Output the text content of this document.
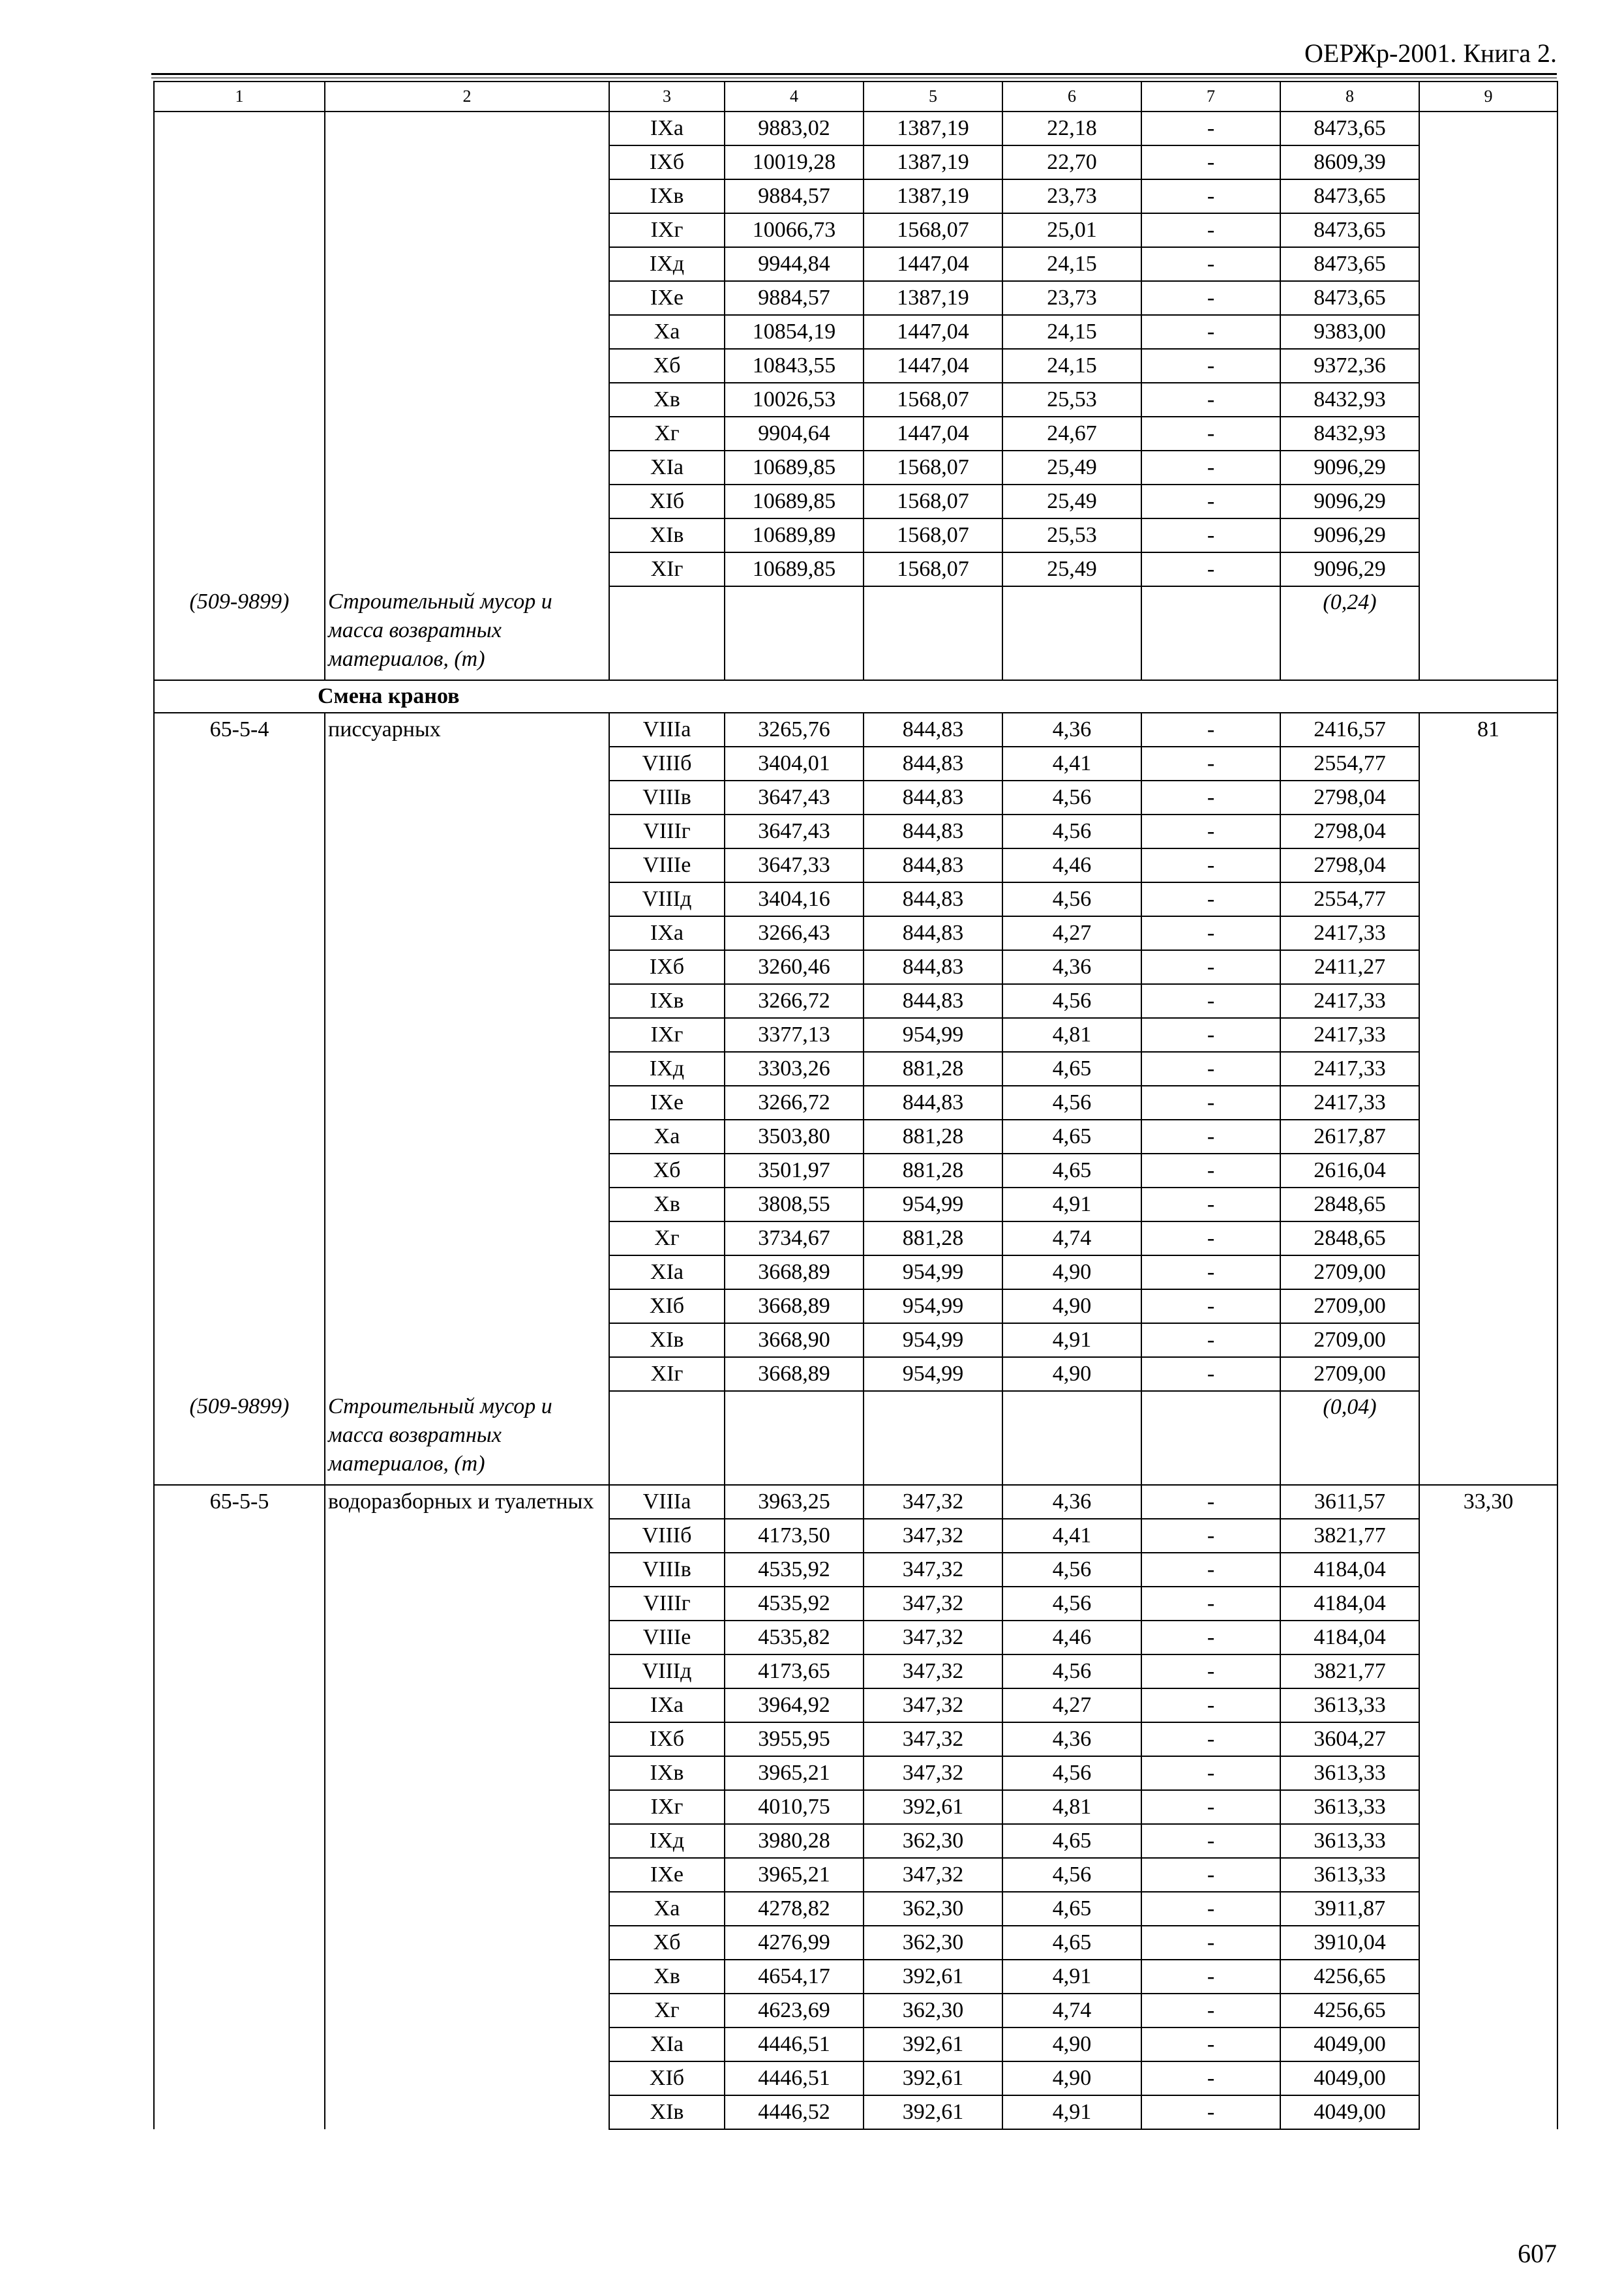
ОЕРЖр-2001. Книга 2.
1	2	3	4	5	6	7	8	9
		IXа	9883,02	1387,19	22,18	-	8473,65	
		IXб	10019,28	1387,19	22,70	-	8609,39	
		IXв	9884,57	1387,19	23,73	-	8473,65	
		IXг	10066,73	1568,07	25,01	-	8473,65	
		IXд	9944,84	1447,04	24,15	-	8473,65	
		IXе	9884,57	1387,19	23,73	-	8473,65	
		Xа	10854,19	1447,04	24,15	-	9383,00	
		Xб	10843,55	1447,04	24,15	-	9372,36	
		Xв	10026,53	1568,07	25,53	-	8432,93	
		Xг	9904,64	1447,04	24,67	-	8432,93	
		XIа	10689,85	1568,07	25,49	-	9096,29	
		XIб	10689,85	1568,07	25,49	-	9096,29	
		XIв	10689,89	1568,07	25,53	-	9096,29	
		XIг	10689,85	1568,07	25,49	-	9096,29	
(509-9899)	Строительный мусор и масса возвратных материалов, (т)						(0,24)	
Смена кранов								
65-5-4	писсуарных	VIIIа	3265,76	844,83	4,36	-	2416,57	81
		VIIIб	3404,01	844,83	4,41	-	2554,77	
		VIIIв	3647,43	844,83	4,56	-	2798,04	
		VIIIг	3647,43	844,83	4,56	-	2798,04	
		VIIIе	3647,33	844,83	4,46	-	2798,04	
		VIIIд	3404,16	844,83	4,56	-	2554,77	
		IXа	3266,43	844,83	4,27	-	2417,33	
		IXб	3260,46	844,83	4,36	-	2411,27	
		IXв	3266,72	844,83	4,56	-	2417,33	
		IXг	3377,13	954,99	4,81	-	2417,33	
		IXд	3303,26	881,28	4,65	-	2417,33	
		IXе	3266,72	844,83	4,56	-	2417,33	
		Xа	3503,80	881,28	4,65	-	2617,87	
		Xб	3501,97	881,28	4,65	-	2616,04	
		Xв	3808,55	954,99	4,91	-	2848,65	
		Xг	3734,67	881,28	4,74	-	2848,65	
		XIа	3668,89	954,99	4,90	-	2709,00	
		XIб	3668,89	954,99	4,90	-	2709,00	
		XIв	3668,90	954,99	4,91	-	2709,00	
		XIг	3668,89	954,99	4,90	-	2709,00	
(509-9899)	Строительный мусор и масса возвратных материалов, (т)						(0,04)	
65-5-5	водоразборных и туалетных	VIIIа	3963,25	347,32	4,36	-	3611,57	33,30
		VIIIб	4173,50	347,32	4,41	-	3821,77	
		VIIIв	4535,92	347,32	4,56	-	4184,04	
		VIIIг	4535,92	347,32	4,56	-	4184,04	
		VIIIе	4535,82	347,32	4,46	-	4184,04	
		VIIIд	4173,65	347,32	4,56	-	3821,77	
		IXа	3964,92	347,32	4,27	-	3613,33	
		IXб	3955,95	347,32	4,36	-	3604,27	
		IXв	3965,21	347,32	4,56	-	3613,33	
		IXг	4010,75	392,61	4,81	-	3613,33	
		IXд	3980,28	362,30	4,65	-	3613,33	
		IXе	3965,21	347,32	4,56	-	3613,33	
		Xа	4278,82	362,30	4,65	-	3911,87	
		Xб	4276,99	362,30	4,65	-	3910,04	
		Xв	4654,17	392,61	4,91	-	4256,65	
		Xг	4623,69	362,30	4,74	-	4256,65	
		XIа	4446,51	392,61	4,90	-	4049,00	
		XIб	4446,51	392,61	4,90	-	4049,00	
		XIв	4446,52	392,61	4,91	-	4049,00	
607
